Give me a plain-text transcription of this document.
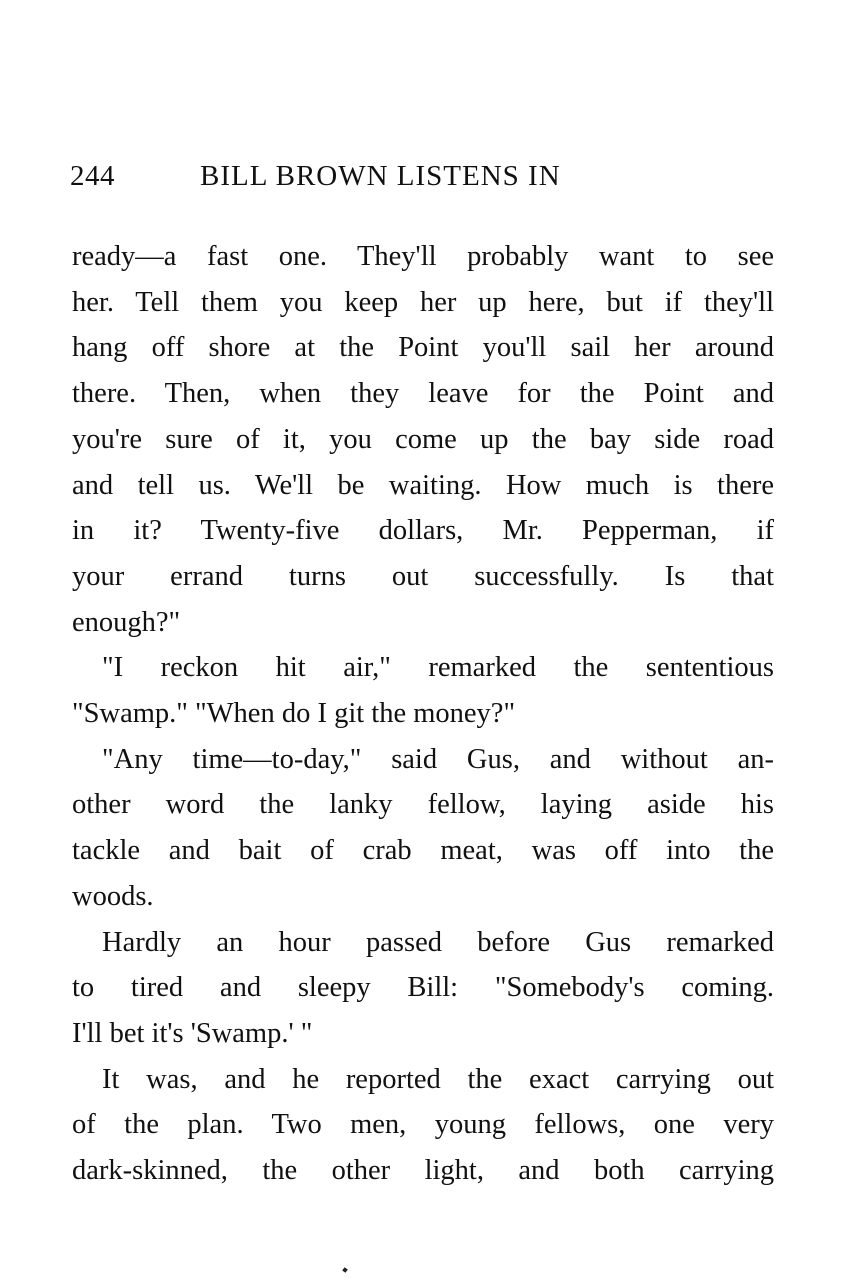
244	BILL BROWN LISTENS IN
ready—a fast one. They'll probably want to see
her. Tell them you keep her up here, but if they'll
hang off shore at the Point you'll sail her around
there. Then, when they leave for the Point and
you're sure of it, you come up the bay side road
and tell us. We'll be waiting. How much is there
in it? Twenty-five dollars, Mr. Pepperman, if
your errand turns out successfully. Is that
enough?"
"I reckon hit air," remarked the sententious
"Swamp." "When do I git the money?"
"Any time—to-day," said Gus, and without an-
other word the lanky fellow, laying aside his
tackle and bait of crab meat, was off into the
woods.
Hardly an hour passed before Gus remarked
to tired and sleepy Bill: "Somebody's coming.
I'll bet it's 'Swamp.' "
It was, and he reported the exact carrying out
of the plan. Two men, young fellows, one very
dark-skinned, the other light, and both carrying
